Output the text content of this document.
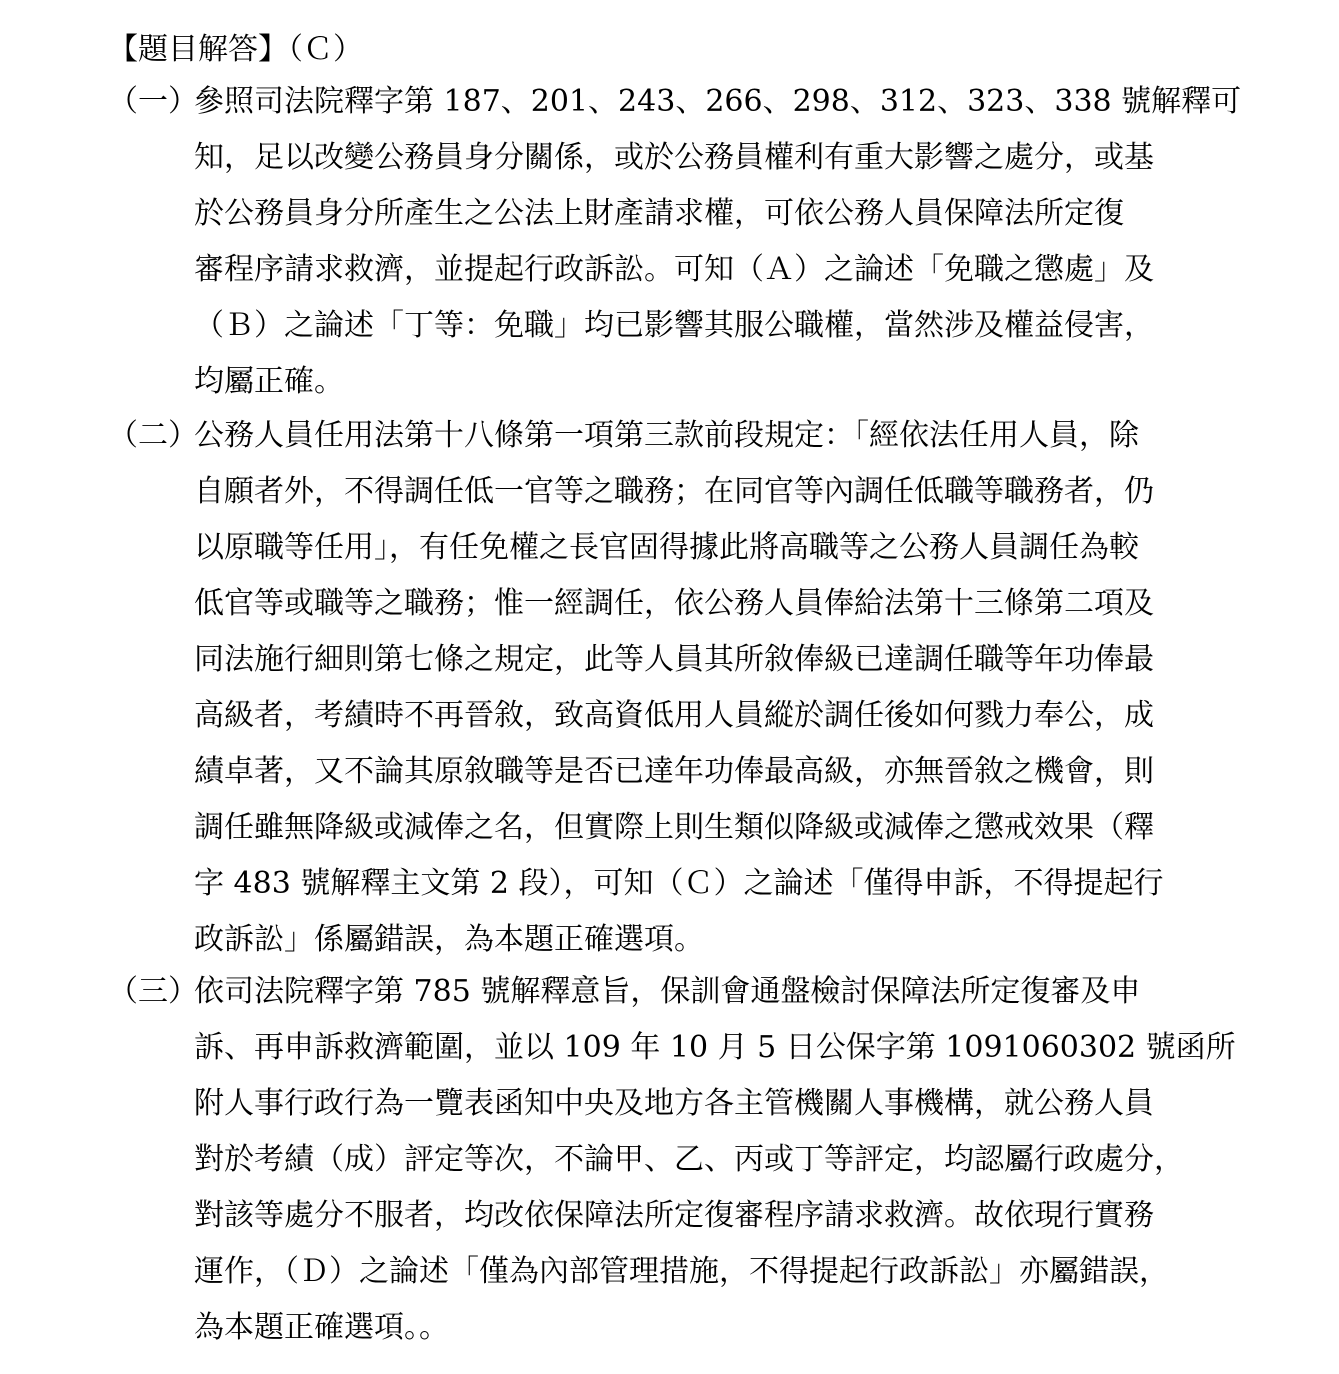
【題目解答】（Ｃ）
（一）
參照司法院釋字第 187、201、243、266、298、312、323、338 號解釋可
知，足以改變公務員身分關係，或於公務員權利有重大影響之處分，或基
於公務員身分所產生之公法上財產請求權，可依公務人員保障法所定復
審程序請求救濟，並提起行政訴訟。可知（Ａ）之論述「免職之懲處」及
（Ｂ）之論述「丁等：免職」均已影響其服公職權，當然涉及權益侵害，
均屬正確。
（二）
公務人員任用法第十八條第一項第三款前段規定：「經依法任用人員，除
自願者外，不得調任低一官等之職務；在同官等內調任低職等職務者，仍
以原職等任用」，有任免權之長官固得據此將高職等之公務人員調任為較
低官等或職等之職務；惟一經調任，依公務人員俸給法第十三條第二項及
同法施行細則第七條之規定，此等人員其所敘俸級已達調任職等年功俸最
高級者，考績時不再晉敘，致高資低用人員縱於調任後如何戮力奉公，成
績卓著，又不論其原敘職等是否已達年功俸最高級，亦無晉敘之機會，則
調任雖無降級或減俸之名，但實際上則生類似降級或減俸之懲戒效果（釋
字 483 號解釋主文第 2 段），可知（Ｃ）之論述「僅得申訴，不得提起行
政訴訟」係屬錯誤，為本題正確選項。
（三）
依司法院釋字第 785 號解釋意旨，保訓會通盤檢討保障法所定復審及申
訴、再申訴救濟範圍，並以 109 年 10 月 5 日公保字第 1091060302 號函所
附人事行政行為一覽表函知中央及地方各主管機關人事機構，就公務人員
對於考績（成）評定等次，不論甲、乙、丙或丁等評定，均認屬行政處分，
對該等處分不服者，均改依保障法所定復審程序請求救濟。故依現行實務
運作，（Ｄ）之論述「僅為內部管理措施，不得提起行政訴訟」亦屬錯誤，
為本題正確選項。。
